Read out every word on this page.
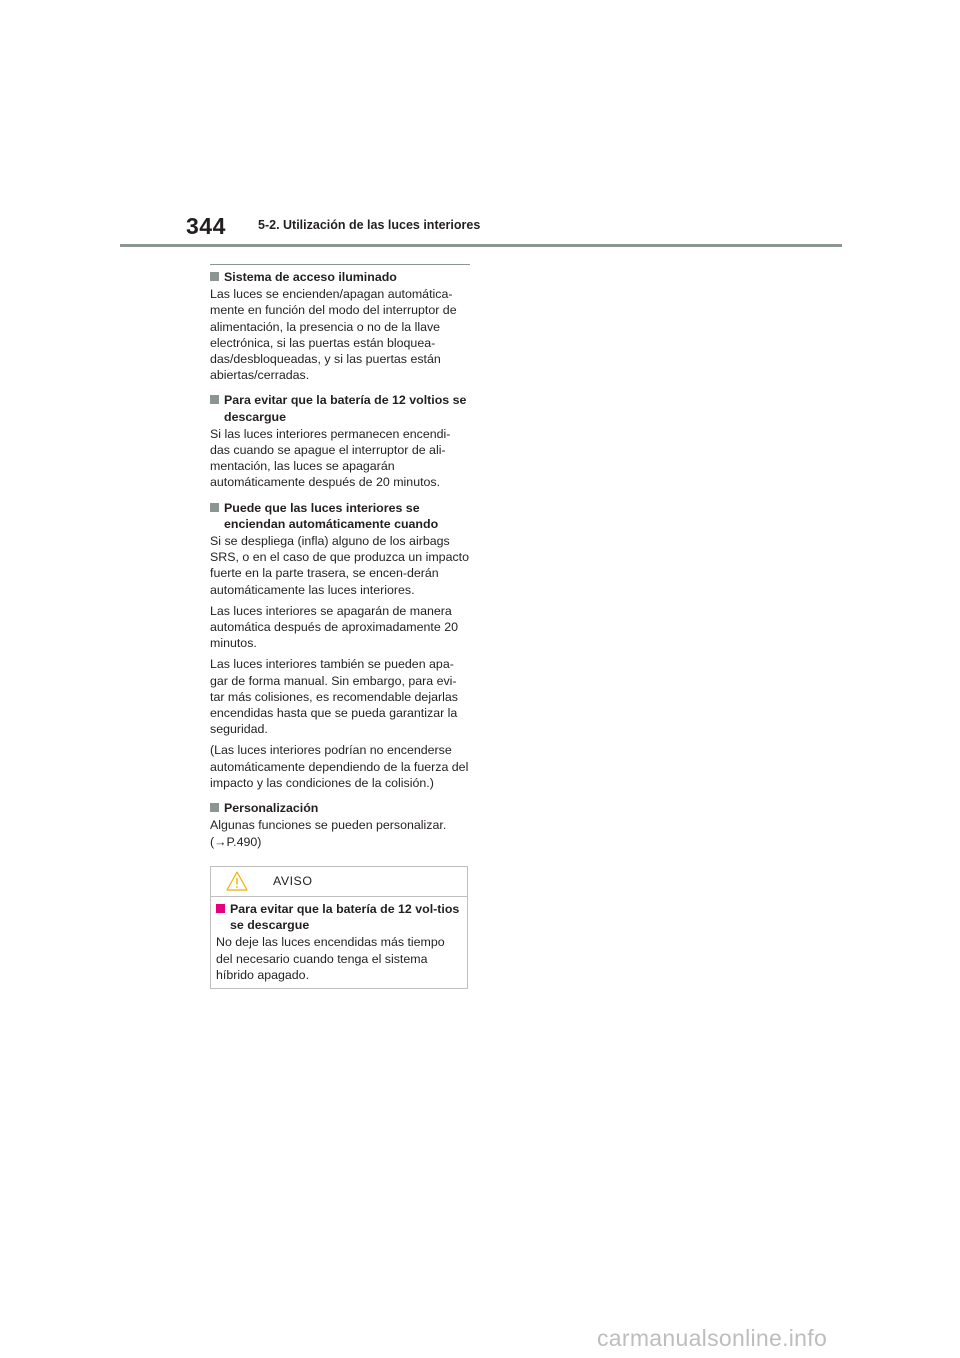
344	5-2. Utilización de las luces interiores
Sistema de acceso iluminado

Las luces se encienden/apagan automática-mente en función del modo del interruptor de alimentación, la presencia o no de la llave electrónica, si las puertas están bloquea-das/desbloqueadas, y si las puertas están abiertas/cerradas.

Para evitar que la batería de 12 voltios se descargue

Si las luces interiores permanecen encendi-das cuando se apague el interruptor de ali-mentación, las luces se apagarán automáticamente después de 20 minutos.

Puede que las luces interiores se enciendan automáticamente cuando

Si se despliega (infla) alguno de los airbags SRS, o en el caso de que produzca un impacto fuerte en la parte trasera, se encen-derán automáticamente las luces interiores.

Las luces interiores se apagarán de manera automática después de aproximadamente 20 minutos.

Las luces interiores también se pueden apa-gar de forma manual. Sin embargo, para evi-tar más colisiones, es recomendable dejarlas encendidas hasta que se pueda garantizar la seguridad.

(Las luces interiores podrían no encenderse automáticamente dependiendo de la fuerza del impacto y las condiciones de la colisión.)

Personalización

Algunas funciones se pueden personalizar. (→P.490)

AVISO
Para evitar que la batería de 12 vol-tios se descargue

No deje las luces encendidas más tiempo del necesario cuando tenga el sistema híbrido apagado.

carmanualsonline.info
